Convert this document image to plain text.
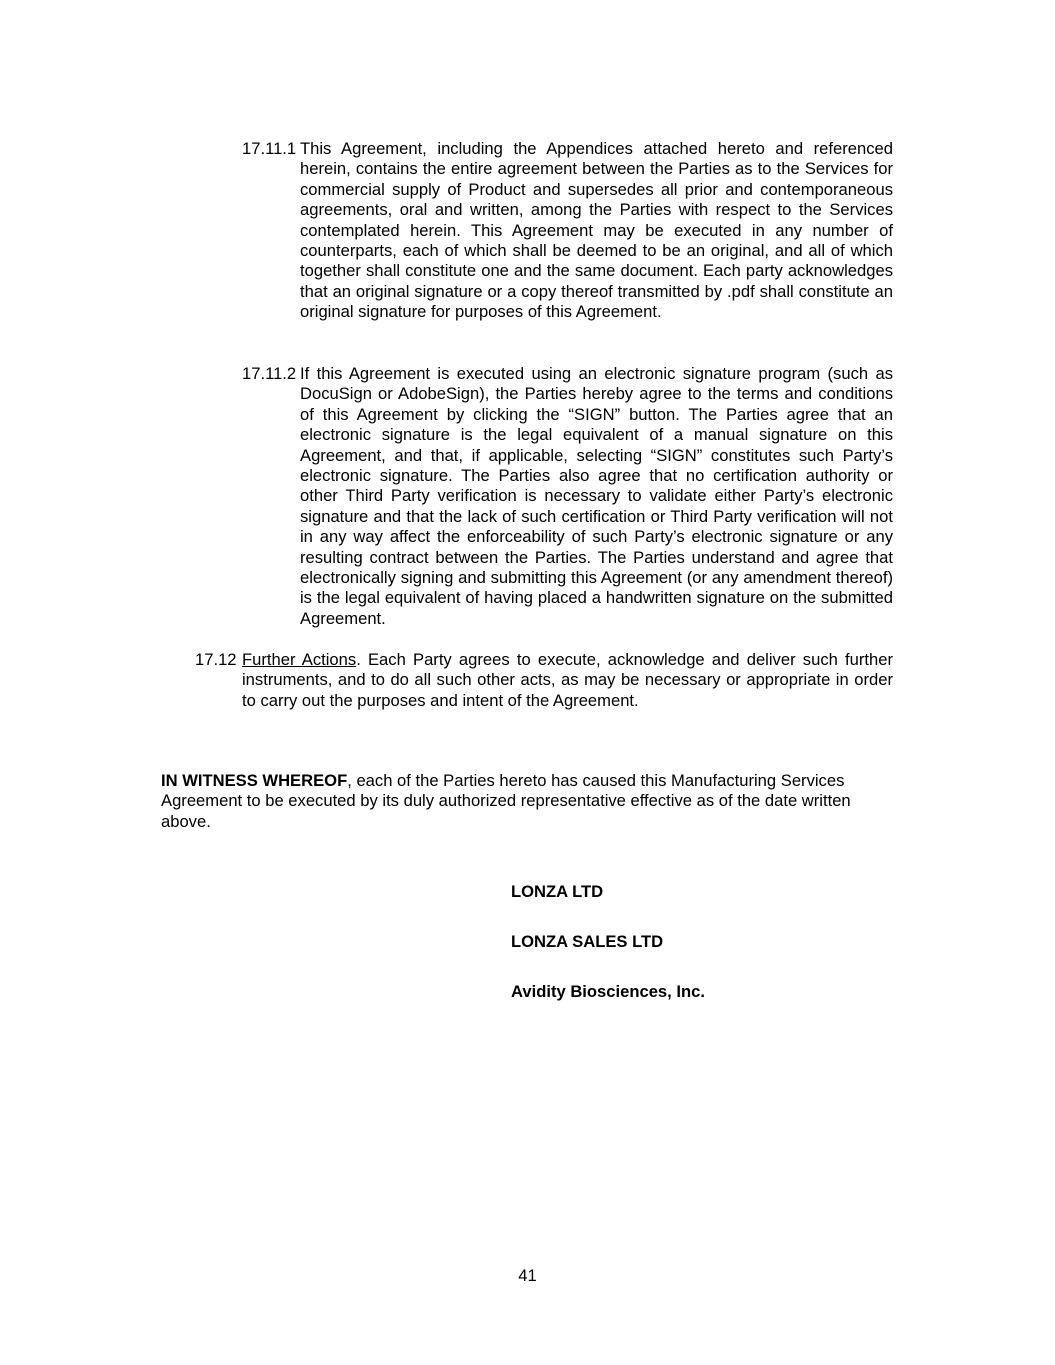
17.11.1 This Agreement, including the Appendices attached hereto and referenced herein, contains the entire agreement between the Parties as to the Services for commercial supply of Product and supersedes all prior and contemporaneous agreements, oral and written, among the Parties with respect to the Services contemplated herein. This Agreement may be executed in any number of counterparts, each of which shall be deemed to be an original, and all of which together shall constitute one and the same document. Each party acknowledges that an original signature or a copy thereof transmitted by .pdf shall constitute an original signature for purposes of this Agreement.

17.11.2 If this Agreement is executed using an electronic signature program (such as DocuSign or AdobeSign), the Parties hereby agree to the terms and conditions of this Agreement by clicking the “SIGN” button. The Parties agree that an electronic signature is the legal equivalent of a manual signature on this Agreement, and that, if applicable, selecting “SIGN” constitutes such Party’s electronic signature. The Parties also agree that no certification authority or other Third Party verification is necessary to validate either Party’s electronic signature and that the lack of such certification or Third Party verification will not in any way affect the enforceability of such Party’s electronic signature or any resulting contract between the Parties. The Parties understand and agree that electronically signing and submitting this Agreement (or any amendment thereof) is the legal equivalent of having placed a handwritten signature on the submitted Agreement.

17.12 Further Actions. Each Party agrees to execute, acknowledge and deliver such further instruments, and to do all such other acts, as may be necessary or appropriate in order to carry out the purposes and intent of the Agreement.

IN WITNESS WHEREOF, each of the Parties hereto has caused this Manufacturing Services Agreement to be executed by its duly authorized representative effective as of the date written above.

LONZA LTD

LONZA SALES LTD

Avidity Biosciences, Inc.

41
